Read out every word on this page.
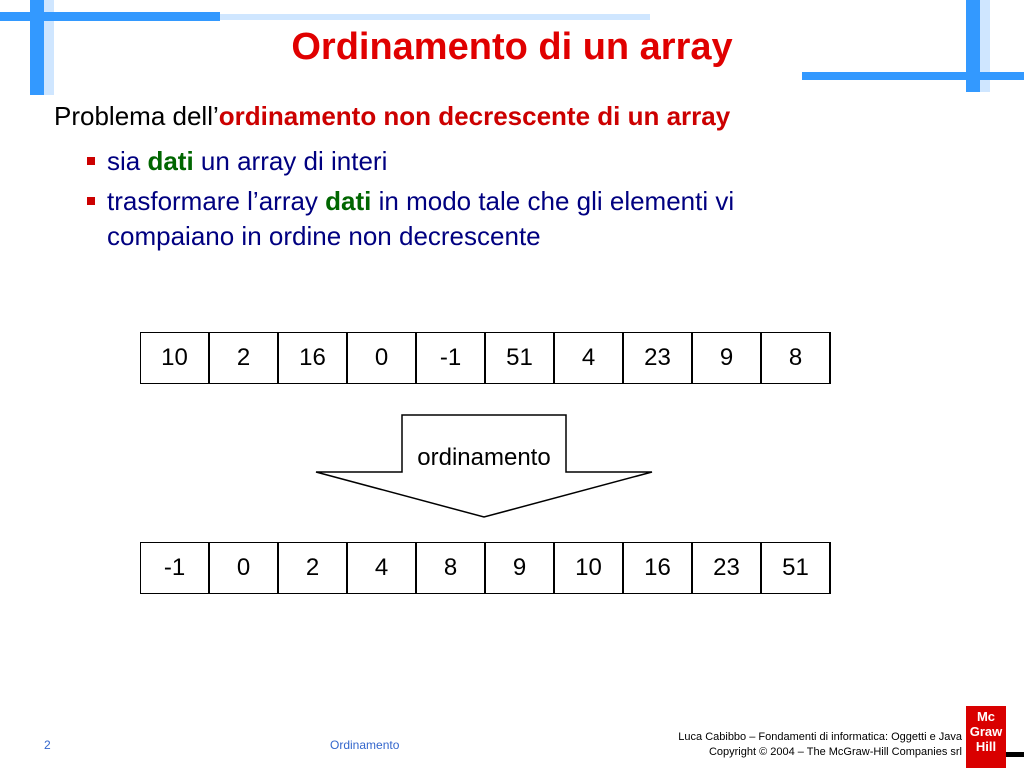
Ordinamento di un array
Problema dell’ordinamento non decrescente di un array
sia dati un array di interi
trasformare l’array dati in modo tale che gli elementi vi
compaiano in ordine non decrescente
10	2	16	0	-1	51	4	23	9	8
ordinamento
-1	0	2	4	8	9	10	16	23	51
2	Ordinamento
Luca Cabibbo – Fondamenti di informatica: Oggetti e Java
Copyright © 2004 – The McGraw-Hill Companies srl
Mc
Graw
Hill
